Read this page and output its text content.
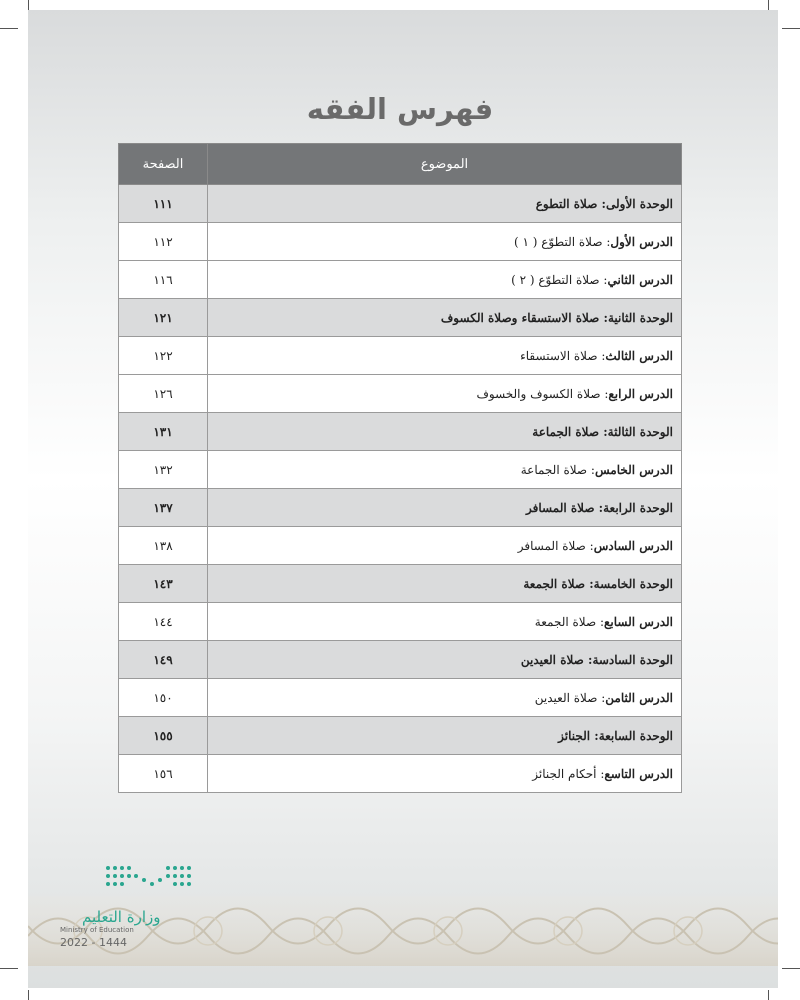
فهرس الفقه
الموضوع	الصفحة
الوحدة الأولى: صلاة التطوع	١١١
الدرس الأول: صلاة التطوّع ( ١ )	١١٢
الدرس الثاني: صلاة التطوّع ( ٢ )	١١٦
الوحدة الثانية: صلاة الاستسقاء وصلاة الكسوف	١٢١
الدرس الثالث: صلاة الاستسقاء	١٢٢
الدرس الرابع: صلاة الكسوف والخسوف	١٢٦
الوحدة الثالثة: صلاة الجماعة	١٣١
الدرس الخامس: صلاة الجماعة	١٣٢
الوحدة الرابعة: صلاة المسافر	١٣٧
الدرس السادس: صلاة المسافر	١٣٨
الوحدة الخامسة: صلاة الجمعة	١٤٣
الدرس السابع: صلاة الجمعة	١٤٤
الوحدة السادسة: صلاة العيدين	١٤٩
الدرس الثامن: صلاة العيدين	١٥٠
الوحدة السابعة: الجنائز	١٥٥
الدرس التاسع: أحكام الجنائز	١٥٦
وزارة التعليم
Ministry of Education
2022 - 1444
